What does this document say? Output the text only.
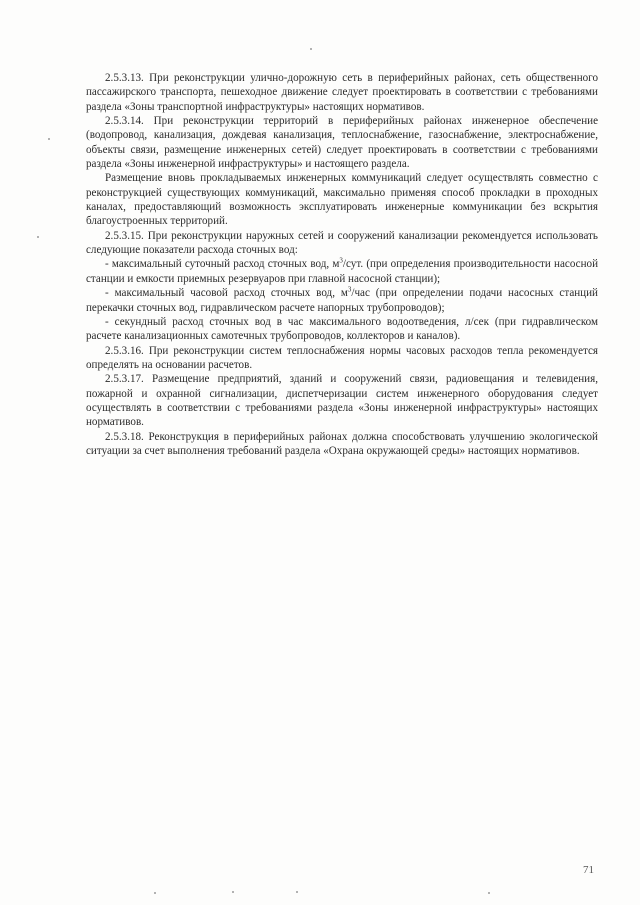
2.5.3.13. При реконструкции улично-дорожную сеть в периферийных районах, сеть общественного пассажирского транспорта, пешеходное движение следует проектировать в соответствии с требованиями раздела «Зоны транспортной инфраструктуры» настоящих нормативов.

2.5.3.14. При реконструкции территорий в периферийных районах инженерное обеспечение (водопровод, канализация, дождевая канализация, теплоснабжение, газоснабжение, электроснабжение, объекты связи, размещение инженерных сетей) следует проектировать в соответствии с требованиями раздела «Зоны инженерной инфраструктуры» и настоящего раздела.

Размещение вновь прокладываемых инженерных коммуникаций следует осуществлять совместно с реконструкцией существующих коммуникаций, максимально применяя способ прокладки в проходных каналах, предоставляющий возможность эксплуатировать инженерные коммуникации без вскрытия благоустроенных территорий.

2.5.3.15. При реконструкции наружных сетей и сооружений канализации рекомендуется использовать следующие показатели расхода сточных вод:

- максимальный суточный расход сточных вод, $м^3$/сут. (при определения производительности насосной станции и емкости приемных резервуаров при главной насосной станции);

- максимальный часовой расход сточных вод, $м^3$/час (при определении подачи насосных станций перекачки сточных вод, гидравлическом расчете напорных трубопроводов);

- секундный расход сточных вод в час максимального водоотведения, л/сек (при гидравлическом расчете канализационных самотечных трубопроводов, коллекторов и каналов).

2.5.3.16. При реконструкции систем теплоснабжения нормы часовых расходов тепла рекомендуется определять на основании расчетов.

2.5.3.17. Размещение предприятий, зданий и сооружений связи, радиовещания и телевидения, пожарной и охранной сигнализации, диспетчеризации систем инженерного оборудования следует осуществлять в соответствии с требованиями раздела «Зоны инженерной инфраструктуры» настоящих нормативов.

2.5.3.18. Реконструкция в периферийных районах должна способствовать улучшению экологической ситуации за счет выполнения требований раздела «Охрана окружающей среды» настоящих нормативов.

71
